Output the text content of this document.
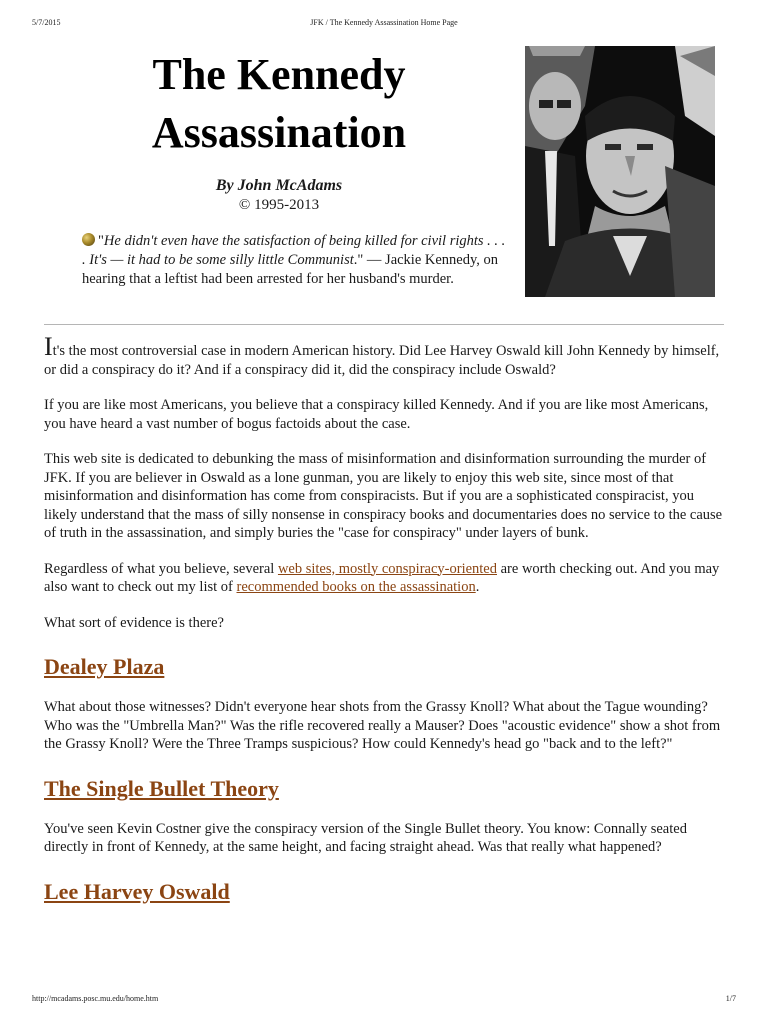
5/7/2015	JFK / The Kennedy Assassination Home Page
The Kennedy Assassination
By John McAdams
© 1995-2013
"He didn't even have the satisfaction of being killed for civil rights . . . . It's — it had to be some silly little Communist." — Jackie Kennedy, on hearing that a leftist had been arrested for her husband's murder.

It's the most controversial case in modern American history. Did Lee Harvey Oswald kill John Kennedy by himself, or did a conspiracy do it? And if a conspiracy did it, did the conspiracy include Oswald?

If you are like most Americans, you believe that a conspiracy killed Kennedy. And if you are like most Americans, you have heard a vast number of bogus factoids about the case.

This web site is dedicated to debunking the mass of misinformation and disinformation surrounding the murder of JFK. If you are believer in Oswald as a lone gunman, you are likely to enjoy this web site, since most of that misinformation and disinformation has come from conspiracists. But if you are a sophisticated conspiracist, you likely understand that the mass of silly nonsense in conspiracy books and documentaries does no service to the cause of truth in the assassination, and simply buries the "case for conspiracy" under layers of bunk.

Regardless of what you believe, several web sites, mostly conspiracy-oriented are worth checking out. And you may also want to check out my list of recommended books on the assassination.

What sort of evidence is there?

Dealey Plaza

What about those witnesses? Didn't everyone hear shots from the Grassy Knoll? What about the Tague wounding? Who was the "Umbrella Man?" Was the rifle recovered really a Mauser? Does "acoustic evidence" show a shot from the Grassy Knoll? Were the Three Tramps suspicious? How could Kennedy's head go "back and to the left?"

The Single Bullet Theory

You've seen Kevin Costner give the conspiracy version of the Single Bullet theory. You know: Connally seated directly in front of Kennedy, at the same height, and facing straight ahead. Was that really what happened?

Lee Harvey Oswald
http://mcadams.posc.mu.edu/home.htm	1/7
